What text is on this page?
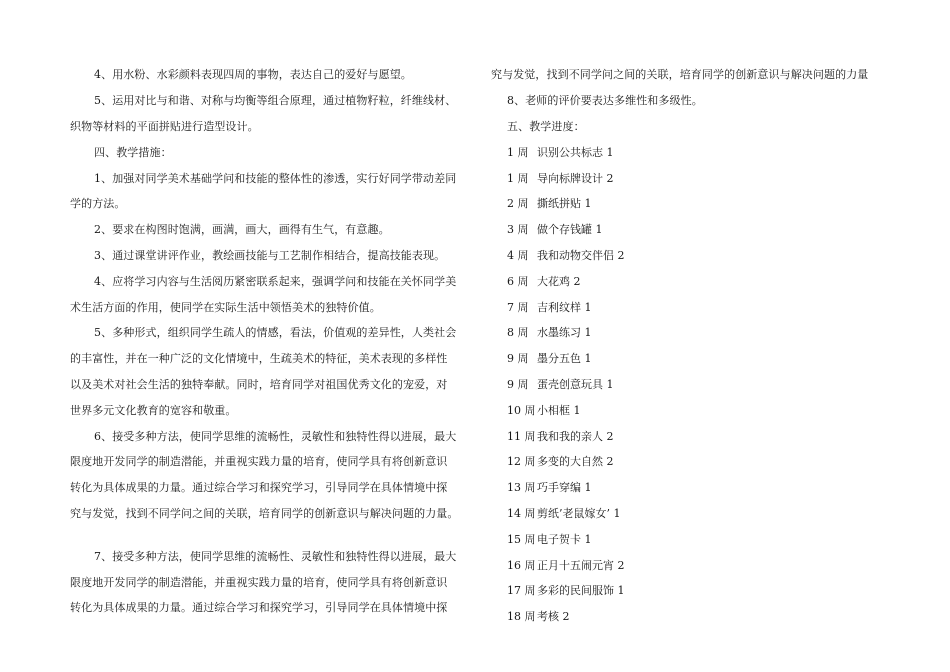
4、用水粉、水彩颜料表现四周的事物，表达自己的爱好与愿望。
5、运用对比与和谐、对称与均衡等组合原理，通过植物籽粒，纤维线材、
织物等材料的平面拼贴进行造型设计。
四、教学措施：
1、加强对同学美术基础学问和技能的整体性的渗透，实行好同学带动差同
学的方法。
2、要求在构图时饱满，画满，画大，画得有生气，有意趣。
3、通过课堂讲评作业，教绘画技能与工艺制作相结合，提高技能表现。
4、应将学习内容与生活阅历紧密联系起来，强调学问和技能在关怀同学美
术生活方面的作用，使同学在实际生活中领悟美术的独特价值。
5、多种形式，组织同学生疏人的情感，看法，价值观的差异性，人类社会
的丰富性，并在一种广泛的文化情境中，生疏美术的特征，美术表现的多样性
以及美术对社会生活的独特奉献。同时，培育同学对祖国优秀文化的宠爱，对
世界多元文化教育的宽容和敬重。
6、接受多种方法，使同学思维的流畅性，灵敏性和独特性得以进展，最大
限度地开发同学的制造潜能，并重视实践力量的培育，使同学具有将创新意识
转化为具体成果的力量。通过综合学习和探究学习，引导同学在具体情境中探
究与发觉，找到不同学问之间的关联，培育同学的创新意识与解决问题的力量。
7、接受多种方法，使同学思维的流畅性、灵敏性和独特性得以进展，最大
限度地开发同学的制造潜能，并重视实践力量的培育，使同学具有将创新意识
转化为具体成果的力量。通过综合学习和探究学习，引导同学在具体情境中探
究与发觉，找到不同学问之间的关联，培育同学的创新意识与解决问题的力量
8、老师的评价要表达多维性和多级性。
五、教学进度：
1 周 识别公共标志 1
1 周 导向标牌设计 2
2 周 撕纸拼贴 1
3 周 做个存钱罐 1
4 周 我和动物交伴侣 2
6 周 大花鸡 2
7 周 吉利纹样 1
8 周 水墨练习 1
9 周 墨分五色 1
9 周 蛋壳创意玩具 1
10 周 小相框 1
11 周 我和我的亲人 2
12 周 多变的大自然 2
13 周 巧手穿编 1
14 周 剪纸’老鼠嫁女’ 1
15 周 电子贺卡 1
16 周 正月十五闹元宵 2
17 周 多彩的民间服饰 1
18 周 考核 2
